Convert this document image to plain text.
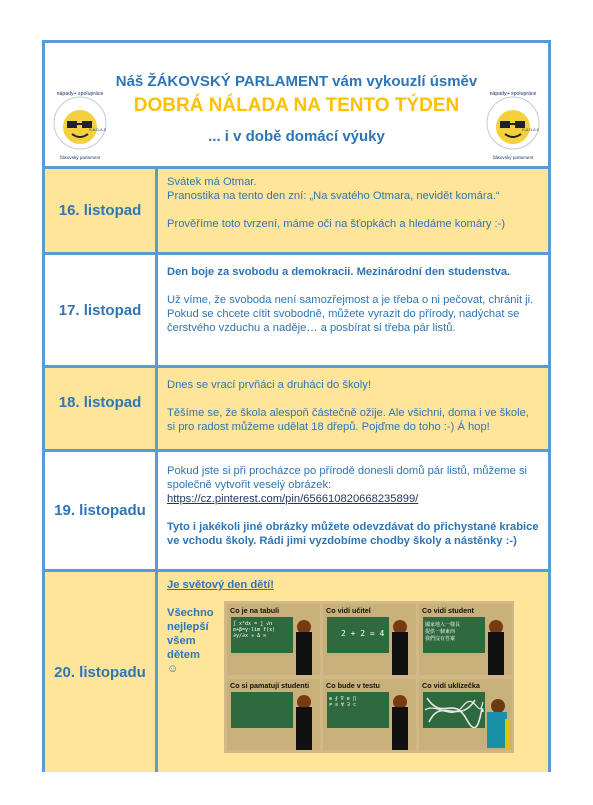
nápady+ spolupráce
žákovský parlament
R-A-D-A-S
Náš ŽÁKOVSKÝ PARLAMENT vám vykouzlí úsměv
DOBRÁ NÁLADA NA TENTO TÝDEN
... i v době domácí výuky
nápady+ spolupráce
žákovský parlament
R-A-D-A-S
16. listopad

Svátek má Otmar.

Pranostika na tento den zní: „Na svatého Otmara, nevidět komára.“

Prověříme toto tvrzení, máme oči na šťopkách a hledáme komáry :-)

17. listopad

Den boje za svobodu a demokracii. Mezinárodní den studenstva.

Už víme, že svoboda není samozřejmost a je třeba o ni pečovat, chránit ji. Pokud se chcete cítit svobodně, můžete vyrazit do přírody, nadýchat se čerstvého vzduchu a naděje… a posbírat si třeba pár listů.

18. listopad

Dnes se vrací prvňáci a druháci do školy!

Těšíme se, že škola alespoň částečně ožije. Ale všichni, doma i ve škole, si pro radost můžeme udělat 18 dřepů. Pojďme do toho :-) Á hop!

19. listopadu

Pokud jste si při procházce po přírodě donesli domů pár listů, můžeme si společně vytvořit veselý obrázek:

https://cz.pinterest.com/pin/656610820668235899/

Tyto i jakékoli jiné obrázky můžete odevzdávat do přichystané krabice ve vchodu školy. Rádi jimi vyzdobíme chodby školy a nástěnky :-)

20. listopadu

Je světový den dětí!

Všechno nejlepší všem dětem

☺

Co je na tabuli
∫ x²dx = ∑ √n
α+β=γ·lim f(x)
∂y/∂x ≈ Δ ∞
Co vidí učitel
2 + 2 = 4
Co vidí student
國家地入一樣長
提供一個東西
我們沒有答案
Co si pamatují studenti Co bude v testu
⊕ ∮ ∇ ⊗ ∏
≠ ≡ ∀ ∃ ⊂
Co vidí uklízečka
